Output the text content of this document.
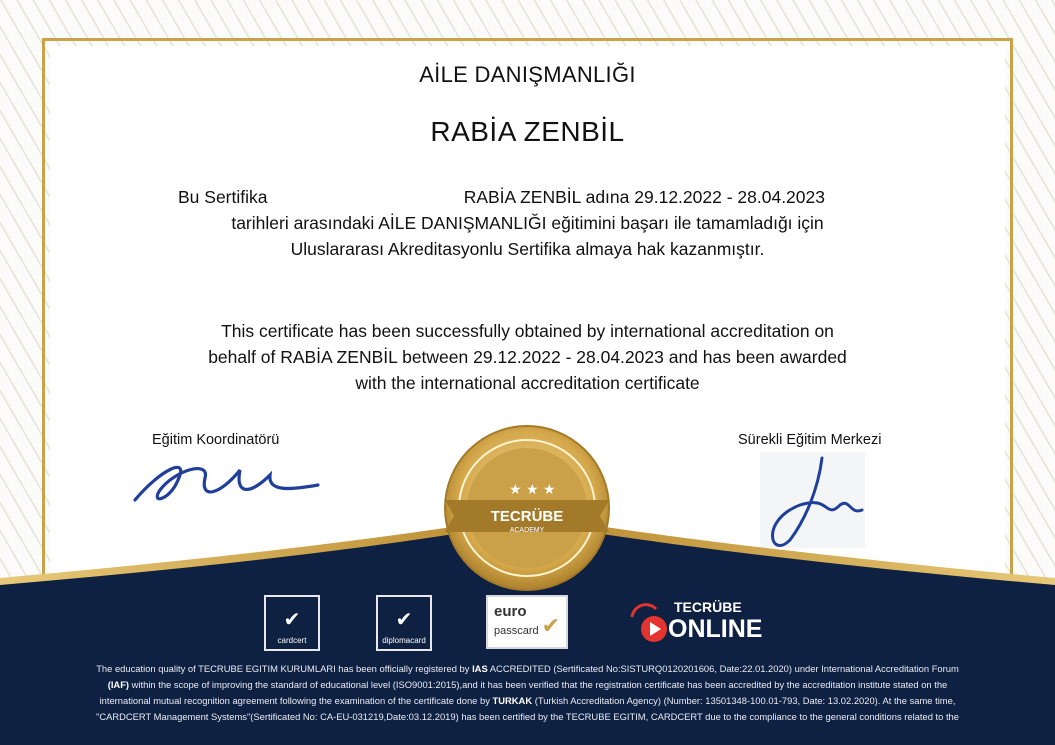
AİLE DANIŞMANLIĞI
RABİA ZENBİL
Bu Sertifika	RABİA ZENBİL adına 29.12.2022 - 28.04.2023
tarihleri arasındaki AİLE DANIŞMANLIĞI eğitimini başarı ile tamamladığı için
Uluslararası Akreditasyonlu Sertifika almaya hak kazanmıştır.
This certificate has been successfully obtained by international accreditation on
behalf of RABİA ZENBİL between 29.12.2022 - 28.04.2023 and has been awarded
with the international accreditation certificate
Eğitim Koordinatörü	Sürekli Eğitim Merkezi
★ ★ ★
TECRÜBE
ACADEMY
✔
cardcert
✔
diplomacard
euro
passcard ✔
TECRÜBE
ONLINE
The education quality of TECRUBE EGITIM KURUMLARI has been officially registered by IAS ACCREDITED (Sertificated No:SISTURQ0120201606, Date:22.01.2020) under International Accreditation Forum
(IAF) within the scope of improving the standard of educational level (ISO9001:2015),and it has been verified that the registration certificate has been accredited by the accreditation institute stated on the
international mutual recognition agreement following the examination of the certificate done by TURKAK (Turkish Accreditation Agency) (Number: 13501348-100.01-793, Date: 13.02.2020). At the same time,
"CARDCERT Management Systems"(Sertificated No: CA-EU-031219,Date:03.12.2019) has been certified by the TECRUBE EGITIM, CARDCERT due to the compliance to the general conditions related to the
